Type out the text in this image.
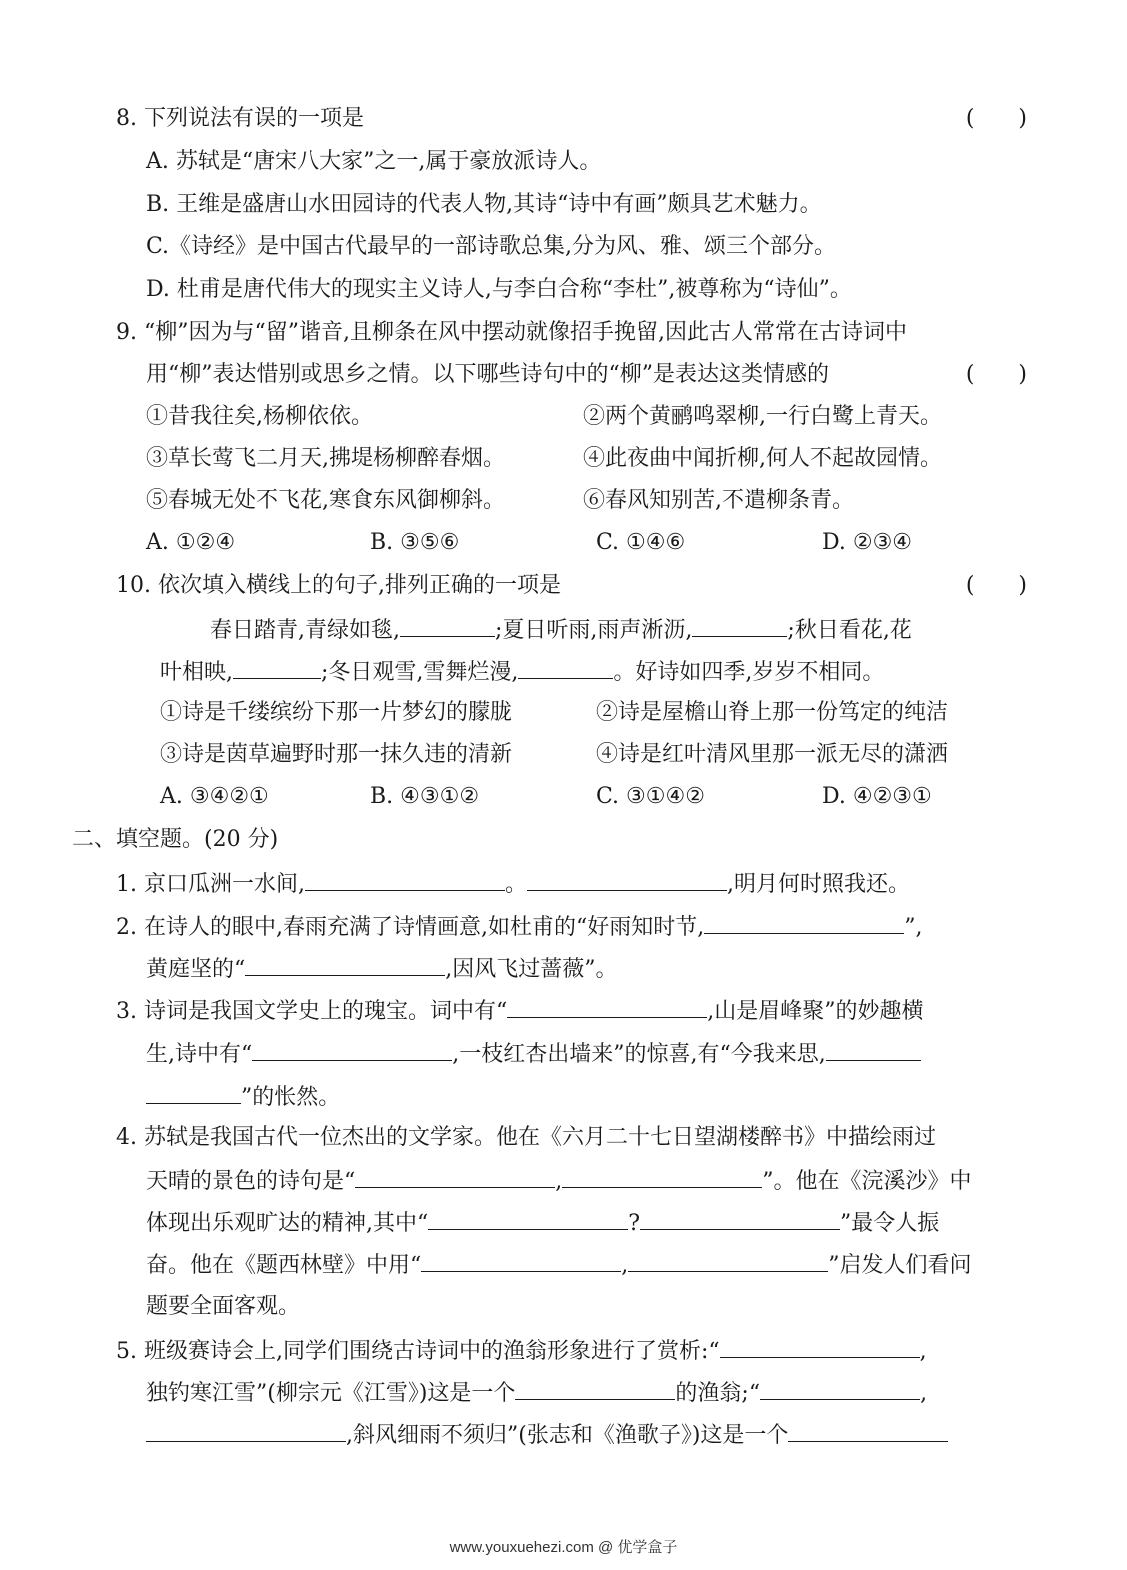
8. 下列说法有误的一项是	(　　)
A. 苏轼是“唐宋八大家”之一,属于豪放派诗人。
B. 王维是盛唐山水田园诗的代表人物,其诗“诗中有画”颇具艺术魅力。
C.《诗经》是中国古代最早的一部诗歌总集,分为风、雅、颂三个部分。
D. 杜甫是唐代伟大的现实主义诗人,与李白合称“李杜”,被尊称为“诗仙”。
9. “柳”因为与“留”谐音,且柳条在风中摆动就像招手挽留,因此古人常常在古诗词中
用“柳”表达惜别或思乡之情。以下哪些诗句中的“柳”是表达这类情感的	(　　)
①昔我往矣,杨柳依依。	②两个黄鹂鸣翠柳,一行白鹭上青天。
③草长莺飞二月天,拂堤杨柳醉春烟。	④此夜曲中闻折柳,何人不起故园情。
⑤春城无处不飞花,寒食东风御柳斜。	⑥春风知别苦,不遣柳条青。
A. ①②④	B. ③⑤⑥	C. ①④⑥	D. ②③④
10. 依次填入横线上的句子,排列正确的一项是	(　　)
春日踏青,青绿如毯,	;夏日听雨,雨声淅沥,	;秋日看花,花
叶相映,	;冬日观雪,雪舞烂漫,	。好诗如四季,岁岁不相同。
①诗是千缕缤纷下那一片梦幻的朦胧	②诗是屋檐山脊上那一份笃定的纯洁
③诗是茵草遍野时那一抹久违的清新	④诗是红叶清风里那一派无尽的潇洒
A. ③④②①	B. ④③①②	C. ③①④②	D. ④②③①
二、填空题。(20 分)
1. 京口瓜洲一水间,	。	,明月何时照我还。
2. 在诗人的眼中,春雨充满了诗情画意,如杜甫的“好雨知时节,	”,
黄庭坚的“	,因风飞过蔷薇”。
3. 诗词是我国文学史上的瑰宝。词中有“	,山是眉峰聚”的妙趣横
生,诗中有“	,一枝红杏出墙来”的惊喜,有“今我来思,
”的怅然。
4. 苏轼是我国古代一位杰出的文学家。他在《六月二十七日望湖楼醉书》中描绘雨过
天晴的景色的诗句是“	,	”。他在《浣溪沙》中
体现出乐观旷达的精神,其中“	?	”最令人振
奋。他在《题西林壁》中用“	,	”启发人们看问
题要全面客观。
5. 班级赛诗会上,同学们围绕古诗词中的渔翁形象进行了赏析:“	,
独钓寒江雪”(柳宗元《江雪》)这是一个	的渔翁;“	,
,斜风细雨不须归”(张志和《渔歌子》)这是一个
www.youxuehezi.com @ 优学盒子
